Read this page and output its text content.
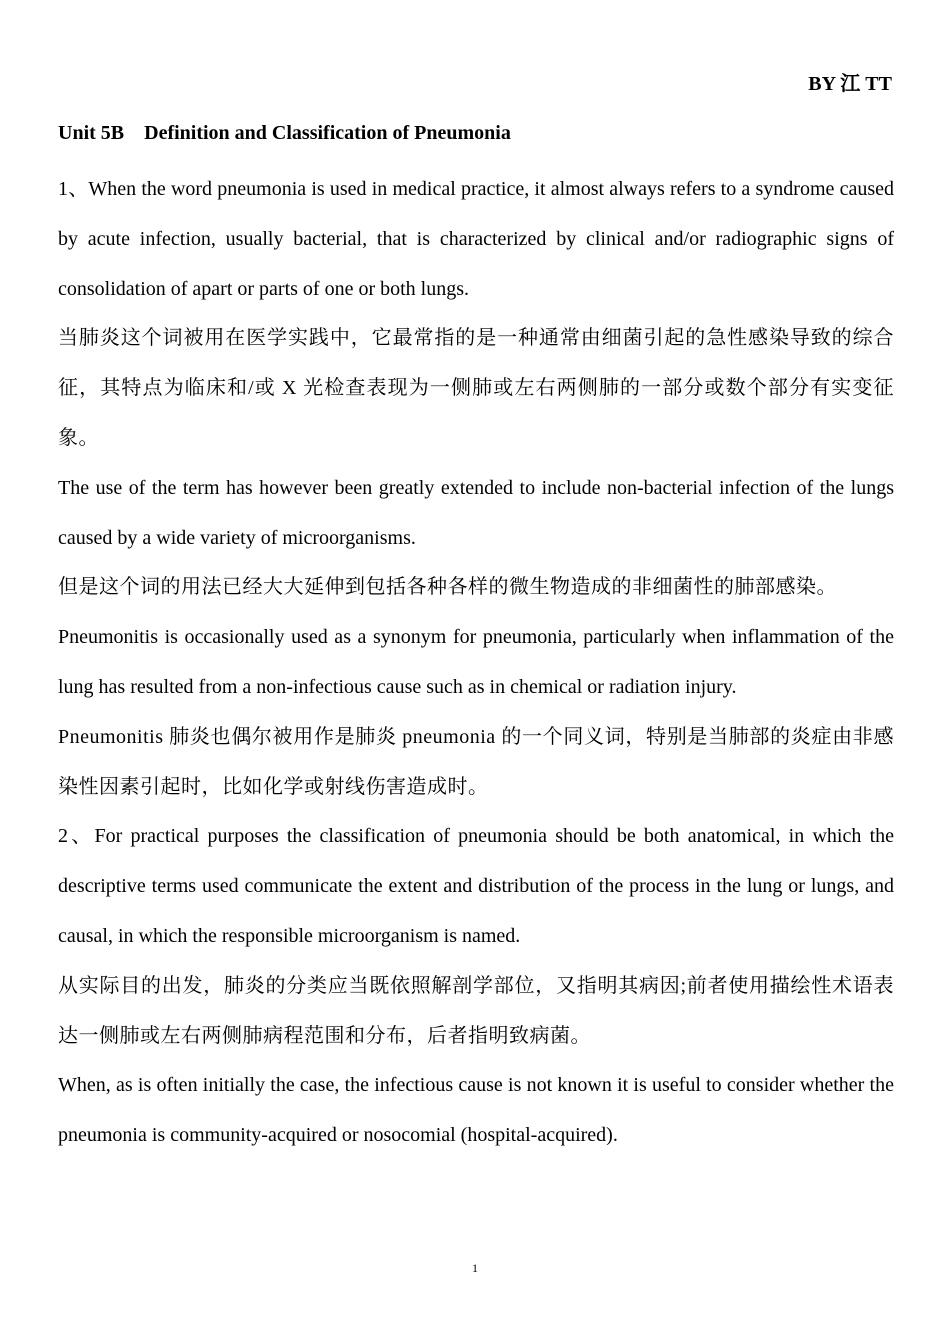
BY 江 TT
Unit 5B    Definition and Classification of Pneumonia

1、When the word pneumonia is used in medical practice, it almost always refers to a syndrome caused by acute infection, usually bacterial, that is characterized by clinical and/or radiographic signs of consolidation of apart or parts of one or both lungs.

当肺炎这个词被用在医学实践中，它最常指的是一种通常由细菌引起的急性感染导致的综合征，其特点为临床和/或 X 光检查表现为一侧肺或左右两侧肺的一部分或数个部分有实变征象。

The use of the term has however been greatly extended to include non-bacterial infection of the lungs caused by a wide variety of microorganisms.

但是这个词的用法已经大大延伸到包括各种各样的微生物造成的非细菌性的肺部感染。

Pneumonitis is occasionally used as a synonym for pneumonia, particularly when inflammation of the lung has resulted from a non-infectious cause such as in chemical or radiation injury.

Pneumonitis 肺炎也偶尔被用作是肺炎 pneumonia 的一个同义词，特别是当肺部的炎症由非感染性因素引起时，比如化学或射线伤害造成时。

2、For practical purposes the classification of pneumonia should be both anatomical, in which the descriptive terms used communicate the extent and distribution of the process in the lung or lungs, and causal, in which the responsible microorganism is named.

从实际目的出发，肺炎的分类应当既依照解剖学部位，又指明其病因;前者使用描绘性术语表达一侧肺或左右两侧肺病程范围和分布，后者指明致病菌。

When, as is often initially the case, the infectious cause is not known it is useful to consider whether the pneumonia is community-acquired or nosocomial (hospital-acquired).

1
